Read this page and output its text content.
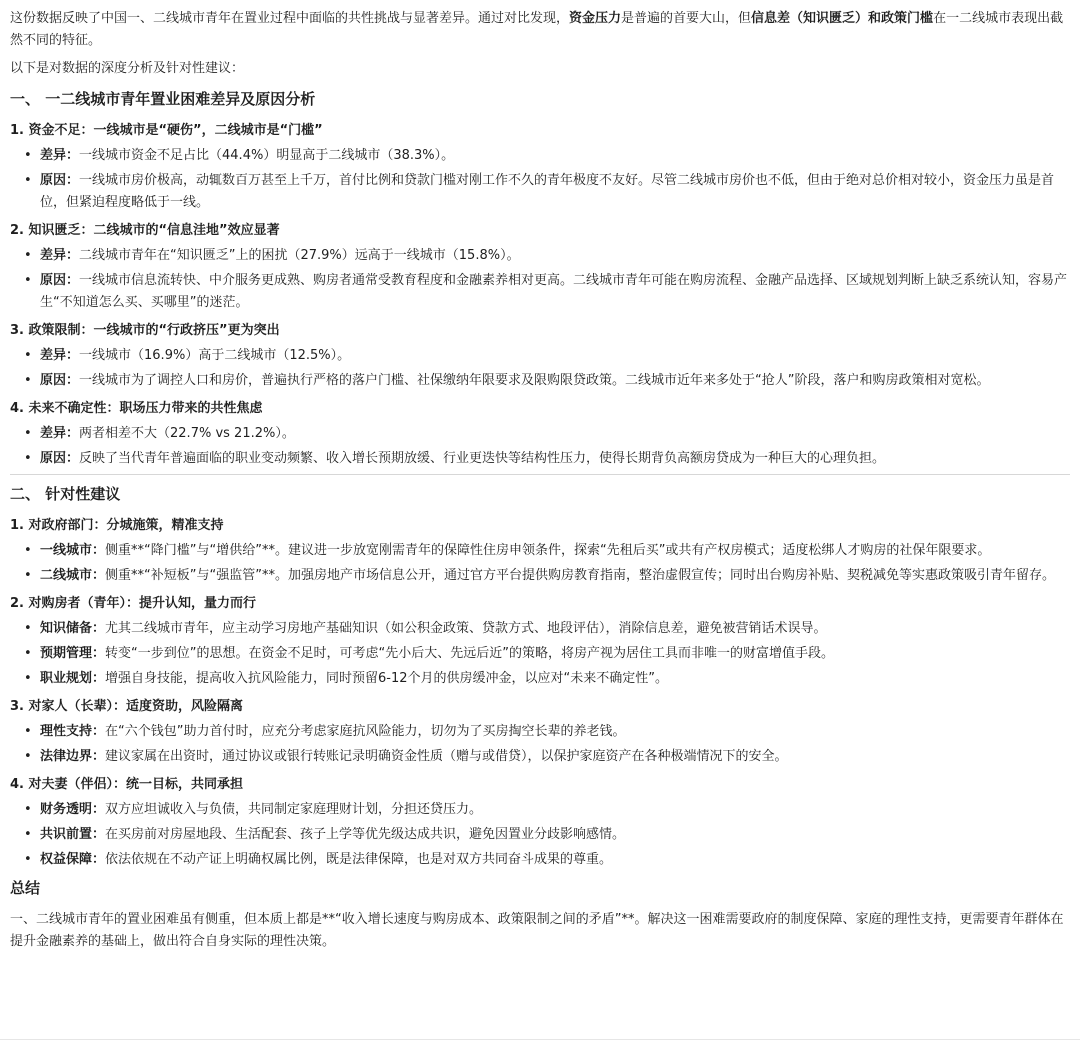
这份数据反映了中国一、二线城市青年在置业过程中面临的共性挑战与显著差异。通过对比发现，资金压力是普遍的首要大山，但信息差（知识匮乏）和政策门槛在一二线城市表现出截然不同的特征。

以下是对数据的深度分析及针对性建议：

一、 一二线城市青年置业困难差异及原因分析
1. 资金不足：一线城市是“硬伤”，二线城市是“门槛”
• 差异：一线城市资金不足占比（44.4%）明显高于二线城市（38.3%）。
• 原因：一线城市房价极高，动辄数百万甚至上千万，首付比例和贷款门槛对刚工作不久的青年极度不友好。尽管二线城市房价也不低，但由于绝对总价相对较小，资金压力虽是首位，但紧迫程度略低于一线。
2. 知识匮乏：二线城市的“信息洼地”效应显著
• 差异：二线城市青年在“知识匮乏”上的困扰（27.9%）远高于一线城市（15.8%）。
• 原因：一线城市信息流转快、中介服务更成熟、购房者通常受教育程度和金融素养相对更高。二线城市青年可能在购房流程、金融产品选择、区域规划判断上缺乏系统认知，容易产生“不知道怎么买、买哪里”的迷茫。
3. 政策限制：一线城市的“行政挤压”更为突出
• 差异：一线城市（16.9%）高于二线城市（12.5%）。
• 原因：一线城市为了调控人口和房价，普遍执行严格的落户门槛、社保缴纳年限要求及限购限贷政策。二线城市近年来多处于“抢人”阶段，落户和购房政策相对宽松。
4. 未来不确定性：职场压力带来的共性焦虑
• 差异：两者相差不大（22.7% vs 21.2%）。
• 原因：反映了当代青年普遍面临的职业变动频繁、收入增长预期放缓、行业更迭快等结构性压力，使得长期背负高额房贷成为一种巨大的心理负担。
二、 针对性建议
1. 对政府部门：分城施策，精准支持
• 一线城市：侧重**“降门槛”与“增供给”**。建议进一步放宽刚需青年的保障性住房申领条件，探索“先租后买”或共有产权房模式；适度松绑人才购房的社保年限要求。
• 二线城市：侧重**“补短板”与“强监管”**。加强房地产市场信息公开，通过官方平台提供购房教育指南，整治虚假宣传；同时出台购房补贴、契税减免等实惠政策吸引青年留存。
2. 对购房者（青年）：提升认知，量力而行
• 知识储备：尤其二线城市青年，应主动学习房地产基础知识（如公积金政策、贷款方式、地段评估），消除信息差，避免被营销话术误导。
• 预期管理：转变“一步到位”的思想。在资金不足时，可考虑“先小后大、先远后近”的策略，将房产视为居住工具而非唯一的财富增值手段。
• 职业规划：增强自身技能，提高收入抗风险能力，同时预留6-12个月的供房缓冲金，以应对“未来不确定性”。
3. 对家人（长辈）：适度资助，风险隔离
• 理性支持：在“六个钱包”助力首付时，应充分考虑家庭抗风险能力，切勿为了买房掏空长辈的养老钱。
• 法律边界：建议家属在出资时，通过协议或银行转账记录明确资金性质（赠与或借贷），以保护家庭资产在各种极端情况下的安全。
4. 对夫妻（伴侣）：统一目标，共同承担
• 财务透明：双方应坦诚收入与负债，共同制定家庭理财计划，分担还贷压力。
• 共识前置：在买房前对房屋地段、生活配套、孩子上学等优先级达成共识，避免因置业分歧影响感情。
• 权益保障：依法依规在不动产证上明确权属比例，既是法律保障，也是对双方共同奋斗成果的尊重。
总结

一、二线城市青年的置业困难虽有侧重，但本质上都是**“收入增长速度与购房成本、政策限制之间的矛盾”**。解决这一困难需要政府的制度保障、家庭的理性支持，更需要青年群体在提升金融素养的基础上，做出符合自身实际的理性决策。
